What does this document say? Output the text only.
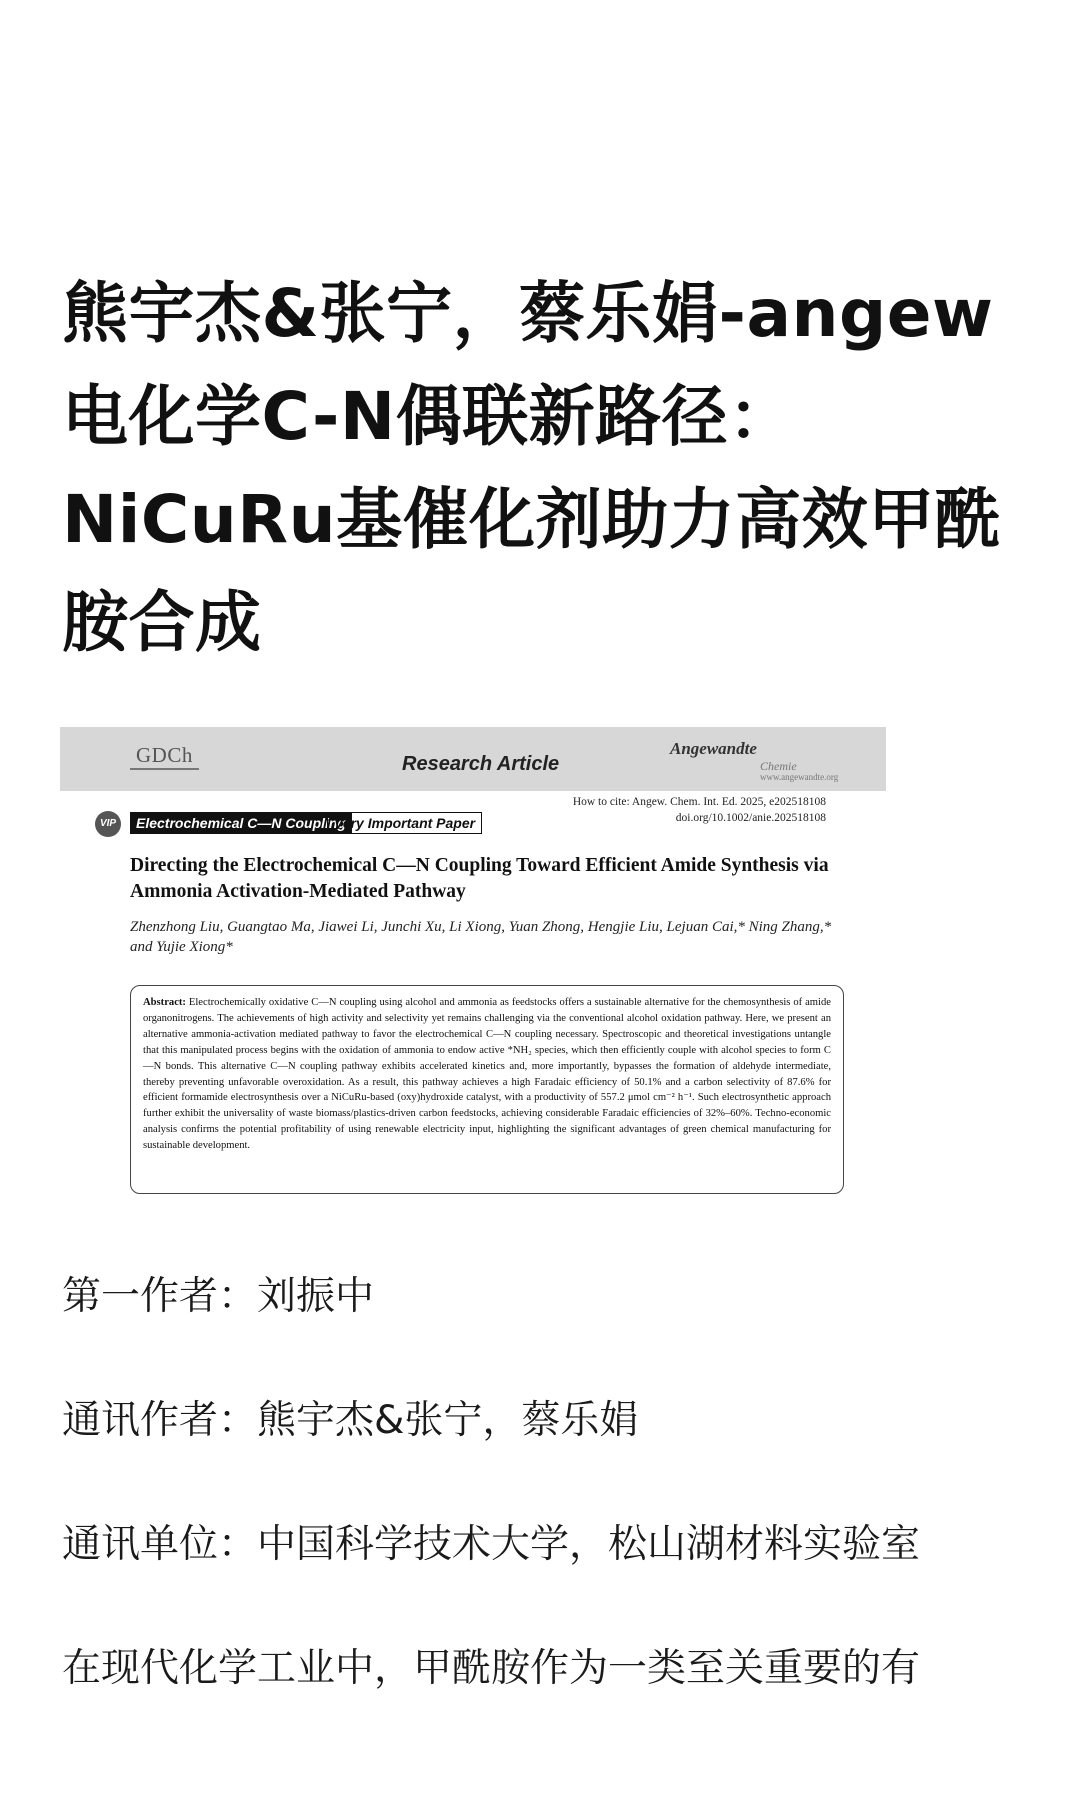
熊宇杰&张宁，蔡乐娟-angew 电化学C-N偶联新路径：NiCuRu基催化剂助力高效甲酰胺合成
GDCh	Research Article
Angewandte
Chemie
www.angewandte.org
How to cite: Angew. Chem. Int. Ed. 2025, e202518108
doi.org/10.1002/anie.202518108
VIP	Electrochemical C—N Coupling
Very Important Paper
Directing the Electrochemical C—N Coupling Toward Efficient Amide Synthesis via Ammonia Activation-Mediated Pathway
Zhenzhong Liu, Guangtao Ma, Jiawei Li, Junchi Xu, Li Xiong, Yuan Zhong, Hengjie Liu, Lejuan Cai,* Ning Zhang,* and Yujie Xiong*
Abstract: Electrochemically oxidative C—N coupling using alcohol and ammonia as feedstocks offers a sustainable alternative for the chemosynthesis of amide organonitrogens. The achievements of high activity and selectivity yet remains challenging via the conventional alcohol oxidation pathway. Here, we present an alternative ammonia-activation mediated pathway to favor the electrochemical C—N coupling necessary. Spectroscopic and theoretical investigations untangle that this manipulated process begins with the oxidation of ammonia to endow active *NH₂ species, which then efficiently couple with alcohol species to form C—N bonds. This alternative C—N coupling pathway exhibits accelerated kinetics and, more importantly, bypasses the formation of aldehyde intermediate, thereby preventing unfavorable overoxidation. As a result, this pathway achieves a high Faradaic efficiency of 50.1% and a carbon selectivity of 87.6% for efficient formamide electrosynthesis over a NiCuRu-based (oxy)hydroxide catalyst, with a productivity of 557.2 μmol cm⁻² h⁻¹. Such electrosynthetic approach further exhibit the universality of waste biomass/plastics-driven carbon feedstocks, achieving considerable Faradaic efficiencies of 32%–60%. Techno-economic analysis confirms the potential profitability of using renewable electricity input, highlighting the significant advantages of green chemical manufacturing for sustainable development.

第一作者：刘振中

通讯作者：熊宇杰&张宁，蔡乐娟

通讯单位：中国科学技术大学，松山湖材料实验室

在现代化学工业中，甲酰胺作为一类至关重要的有
